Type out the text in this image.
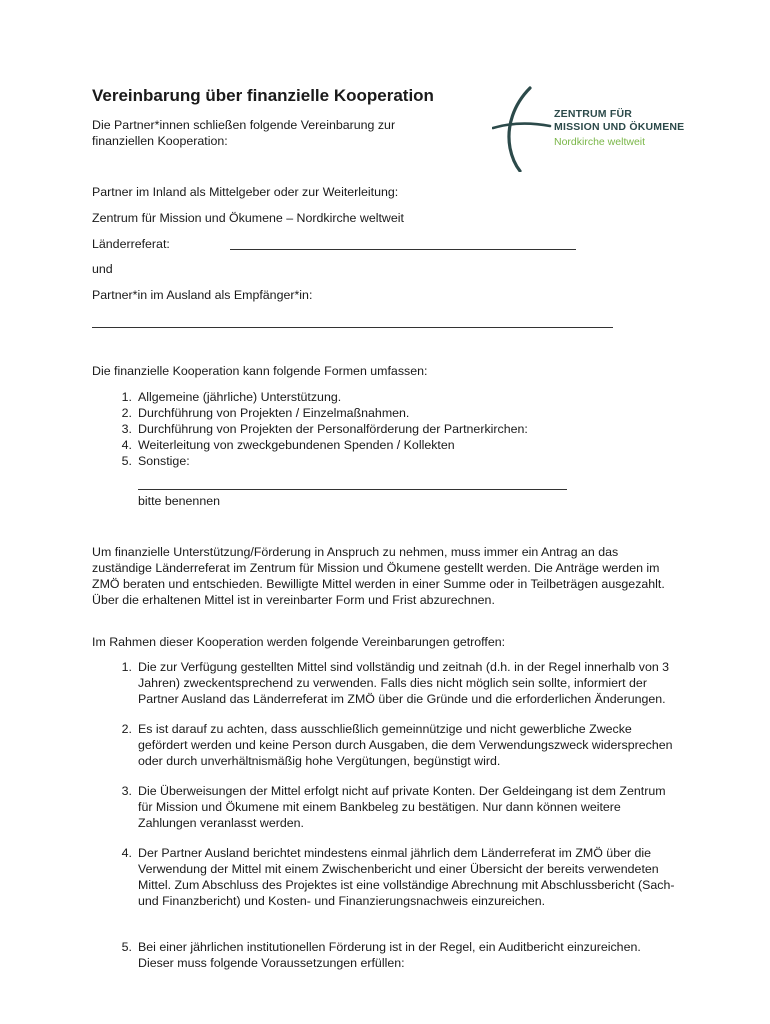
Vereinbarung über finanzielle Kooperation
Die Partner*innen schließen folgende Vereinbarung zur finanziellen Kooperation:
ZENTRUM FÜR
MISSION UND ÖKUMENE
Nordkirche weltweit
Partner im Inland als Mittelgeber oder zur Weiterleitung:
Zentrum für Mission und Ökumene – Nordkirche weltweit
Länderreferat:
und
Partner*in im Ausland als Empfänger*in:
Die finanzielle Kooperation kann folgende Formen umfassen:
1. Allgemeine (jährliche) Unterstützung.
2. Durchführung von Projekten / Einzelmaßnahmen.
3. Durchführung von Projekten der Personalförderung der Partnerkirchen:
4. Weiterleitung von zweckgebundenen Spenden / Kollekten
5. Sonstige:
bitte benennen
Um finanzielle Unterstützung/Förderung in Anspruch zu nehmen, muss immer ein Antrag an das zuständige Länderreferat im Zentrum für Mission und Ökumene gestellt werden. Die Anträge werden im ZMÖ beraten und entschieden. Bewilligte Mittel werden in einer Summe oder in Teilbeträgen ausgezahlt. Über die erhaltenen Mittel ist in vereinbarter Form und Frist abzurechnen.
Im Rahmen dieser Kooperation werden folgende Vereinbarungen getroffen:
1. Die zur Verfügung gestellten Mittel sind vollständig und zeitnah (d.h. in der Regel innerhalb von 3 Jahren) zweckentsprechend zu verwenden. Falls dies nicht möglich sein sollte, informiert der Partner Ausland das Länderreferat im ZMÖ über die Gründe und die erforderlichen Änderungen.
2. Es ist darauf zu achten, dass ausschließlich gemeinnützige und nicht gewerbliche Zwecke gefördert werden und keine Person durch Ausgaben, die dem Verwendungszweck widersprechen oder durch unverhältnismäßig hohe Vergütungen, begünstigt wird.
3. Die Überweisungen der Mittel erfolgt nicht auf private Konten. Der Geldeingang ist dem Zentrum für Mission und Ökumene mit einem Bankbeleg zu bestätigen. Nur dann können weitere Zahlungen veranlasst werden.
4. Der Partner Ausland berichtet mindestens einmal jährlich dem Länderreferat im ZMÖ über die Verwendung der Mittel mit einem Zwischenbericht und einer Übersicht der bereits verwendeten Mittel. Zum Abschluss des Projektes ist eine vollständige Abrechnung mit Abschlussbericht (Sach- und Finanzbericht) und Kosten- und Finanzierungsnachweis einzureichen.
5. Bei einer jährlichen institutionellen Förderung ist in der Regel, ein Auditbericht einzureichen. Dieser muss folgende Voraussetzungen erfüllen:
